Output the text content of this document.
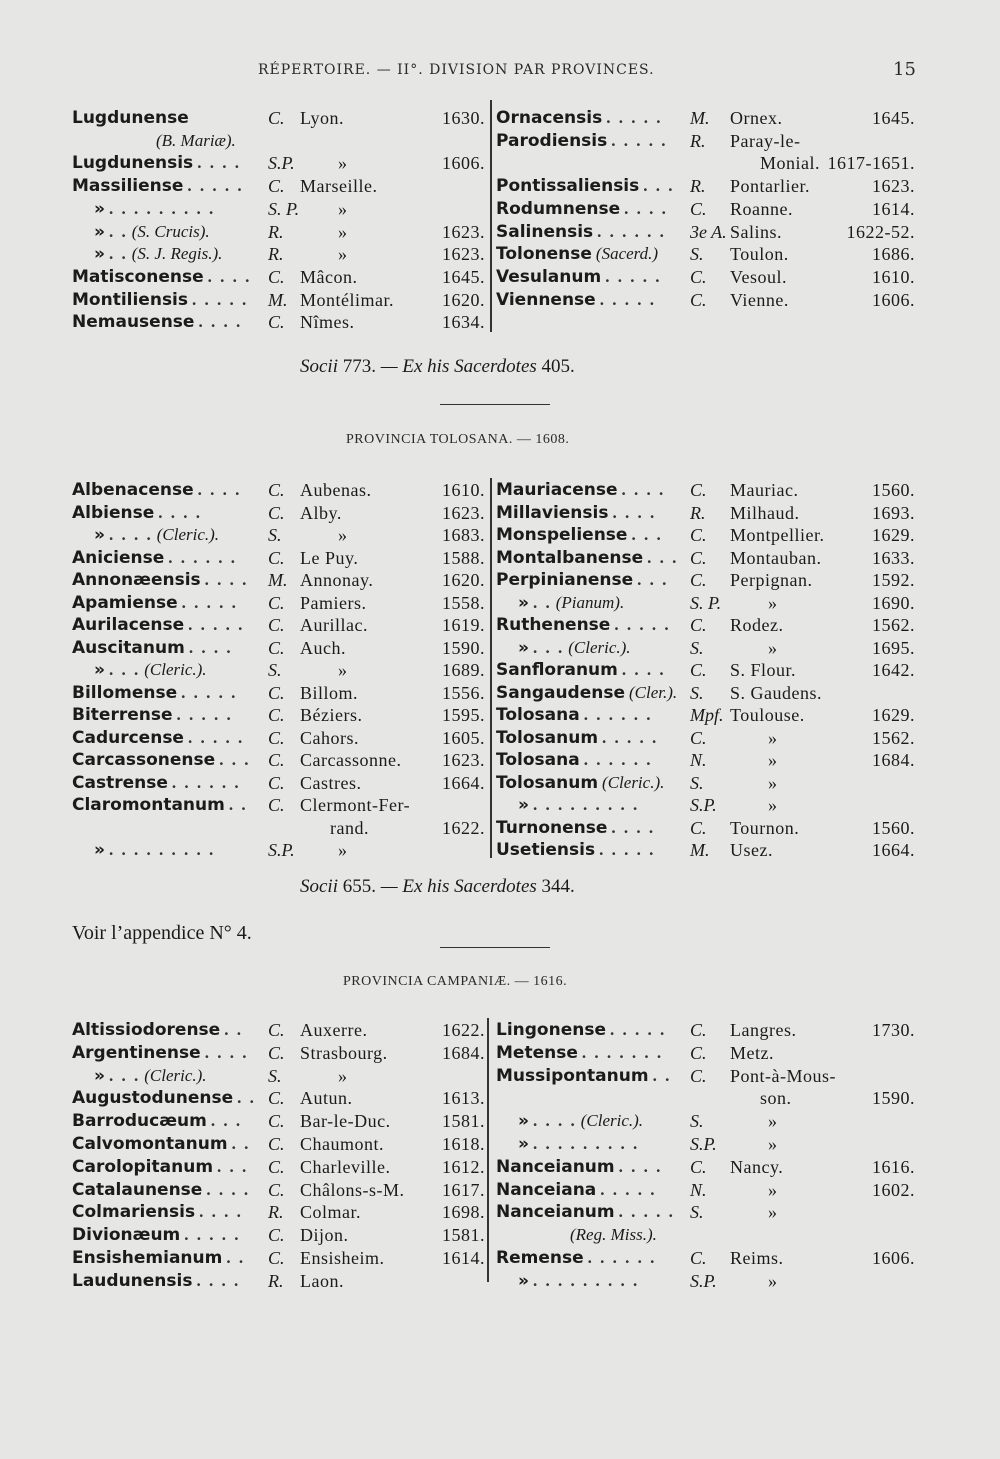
RÉPERTOIRE. — II°. DIVISION PAR PROVINCES.	15
Lugdunense	C. Lyon.	1630.
(B. Mariæ).
Lugdunensis . . . . S.P. »	1606.
Massiliense . . . . . C. Marseille.
» . . . . . . . . .	S. P. »
» . . (S. Crucis).	R.	»	1623.
» . . (S. J. Regis.).	R.	»	1623.
Matisconense . . . . C. Mâcon.	1645.
Montiliensis . . . . . M. Montélimar.	1620.
Nemausense . . . . C. Nîmes.	1634.
Ornacensis . . . . . M. Ornex.	1645.
Parodiensis . . . . . R. Paray-le-
Monial. 1617-1651.
Pontissaliensis . . . R. Pontarlier.	1623.
Rodumnense . . . . C. Roanne.	1614.
Salinensis . . . . . . 3e A. Salins.	1622-52.
Tolonense (Sacerd.) S. Toulon.	1686.
Vesulanum . . . . . C. Vesoul.	1610.
Viennense . . . . . C. Vienne.	1606.
Socii 773. — Ex his Sacerdotes 405.
PROVINCIA TOLOSANA. — 1608.
Albenacense . . . . C. Aubenas.	1610.
Albiense . . . .	C. Alby.	1623.
» . . . . (Cleric.).	S.	»	1683.
Aniciense . . . . . . C. Le Puy.	1588.
Annonæensis . . . . M. Annonay.	1620.
Apamiense . . . . . C. Pamiers.	1558.
Aurilacense . . . . . C. Aurillac.	1619.
Auscitanum . . . . C. Auch.	1590.
» . . . (Cleric.).	S.	»	1689.
Billomense . . . . . C. Billom.	1556.
Biterrense . . . . . C. Béziers.	1595.
Cadurcense . . . . . C. Cahors.	1605.
Carcassonense . . . C. Carcassonne. 1623.
Castrense . . . . . . C. Castres.	1664.
Claromontanum . . C. Clermont-Fer-
rand.	1622.
» . . . . . . . . .	S.P. »
Mauriacense . . . . C. Mauriac.	1560.
Millaviensis . . . . R. Milhaud.	1693.
Monspeliense . . . C. Montpellier.	1629.
Montalbanense . . . C. Montauban.	1633.
Perpinianense . . . C. Perpignan.	1592.
» . . (Pianum).	S. P.	»	1690.
Ruthenense . . . . . C. Rodez.	1562.
» . . . (Cleric.).	S.	»	1695.
Sanfloranum . . . . C. S. Flour.	1642.
Sangaudense (Cler.). S. S. Gaudens.
Tolosana . . . . . . Mpf. Toulouse.	1629.
Tolosanum . . . . . C.	»	1562.
Tolosana . . . . . . N.	»	1684.
Tolosanum (Cleric.). S.	»
» . . . . . . . . .	S.P.	»
Turnonense . . . . C. Tournon.	1560.
Usetiensis . . . . . M. Usez.	1664.
Socii 655. — Ex his Sacerdotes 344.
Voir l’appendice N° 4.
PROVINCIA CAMPANIÆ. — 1616.
Altissiodorense . . C. Auxerre.	1622.
Argentinense . . . . C. Strasbourg.	1684.
» . . . (Cleric.).	S.	»
Augustodunense . . C. Autun.	1613.
Barroducæum . . . C. Bar-le-Duc.	1581.
Calvomontanum . . C. Chaumont.	1618.
Carolopitanum . . . C. Charleville.	1612.
Catalaunense . . . . C. Châlons-s-M. 1617.
Colmariensis . . . . R. Colmar.	1698.
Divionæum . . . . . C. Dijon.	1581.
Ensishemianum . . C. Ensisheim.	1614.
Laudunensis . . . . R. Laon.
Lingonense . . . . . C. Langres.	1730.
Metense . . . . . . . C. Metz.
Mussipontanum . . C. Pont-à-Mous-
son.	1590.
» . . . . (Cleric.).	S.	»
» . . . . . . . . .	S.P.	»
Nanceianum . . . . C. Nancy.	1616.
Nanceiana . . . . . N.	»	1602.
Nanceianum . . . . . S.	»
(Reg. Miss.).
Remense . . . . . . C. Reims.	1606.
» . . . . . . . . .	S.P.	»
